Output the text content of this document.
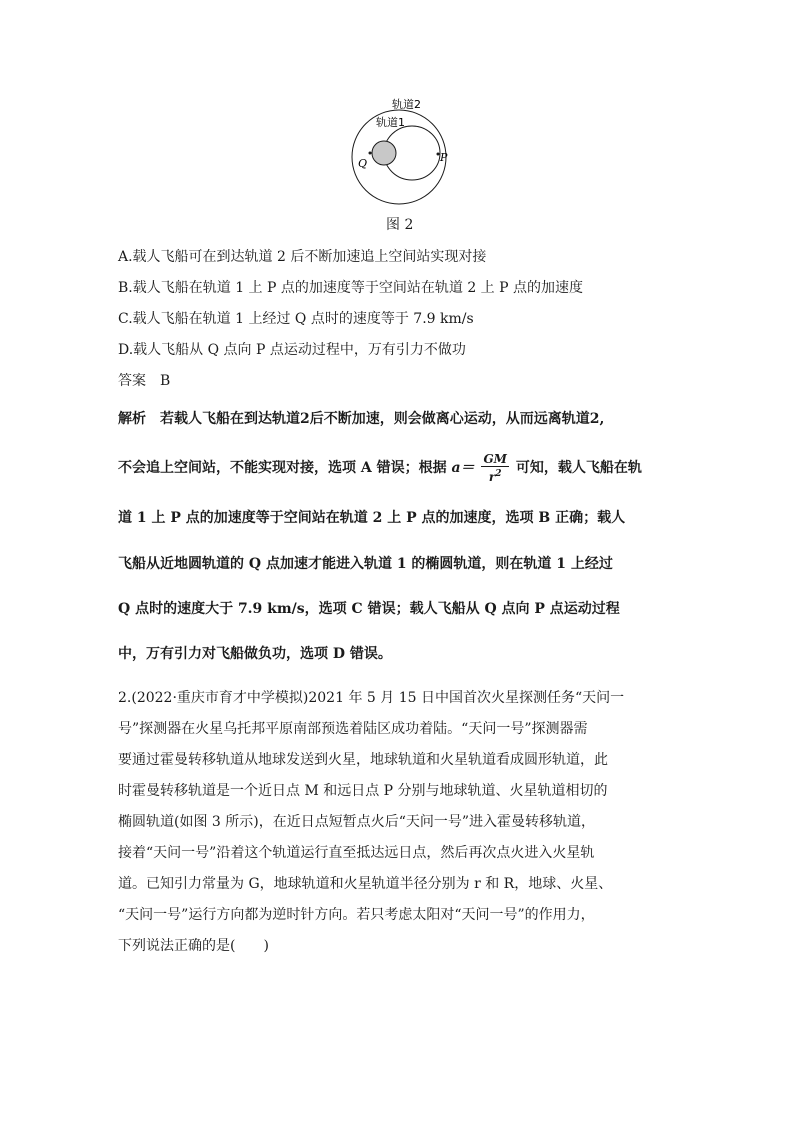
轨道2
轨道1
Q	P
图 2
A.载人飞船可在到达轨道 2 后不断加速追上空间站实现对接
B.载人飞船在轨道 1 上 P 点的加速度等于空间站在轨道 2 上 P 点的加速度
C.载人飞船在轨道 1 上经过 Q 点时的速度等于 7.9 km/s
D.载人飞船从 Q 点向 P 点运动过程中，万有引力不做功
答案　B
解析　若载人飞船在到达轨道2后不断加速，则会做离心运动，从而远离轨道2,
不会追上空间站，不能实现对接，选项 A 错误；根据 $a= \frac{GM}{r^2}$ 可知，载人飞船在轨
道 1 上 P 点的加速度等于空间站在轨道 2 上 P 点的加速度，选项 B 正确；载人
飞船从近地圆轨道的 Q 点加速才能进入轨道 1 的椭圆轨道，则在轨道 1 上经过
Q 点时的速度大于 7.9 km/s，选项 C 错误；载人飞船从 Q 点向 P 点运动过程
中，万有引力对飞船做负功，选项 D 错误。
2.(2022·重庆市育才中学模拟)2021 年 5 月 15 日中国首次火星探测任务“天问一
号”探测器在火星乌托邦平原南部预选着陆区成功着陆。“天问一号”探测器需
要通过霍曼转移轨道从地球发送到火星，地球轨道和火星轨道看成圆形轨道，此
时霍曼转移轨道是一个近日点 M 和远日点 P 分别与地球轨道、火星轨道相切的
椭圆轨道(如图 3 所示)，在近日点短暂点火后“天问一号”进入霍曼转移轨道，
接着“天问一号”沿着这个轨道运行直至抵达远日点，然后再次点火进入火星轨
道。已知引力常量为 G，地球轨道和火星轨道半径分别为 r 和 R，地球、火星、
“天问一号”运行方向都为逆时针方向。若只考虑太阳对“天问一号”的作用力，
下列说法正确的是(　　)
